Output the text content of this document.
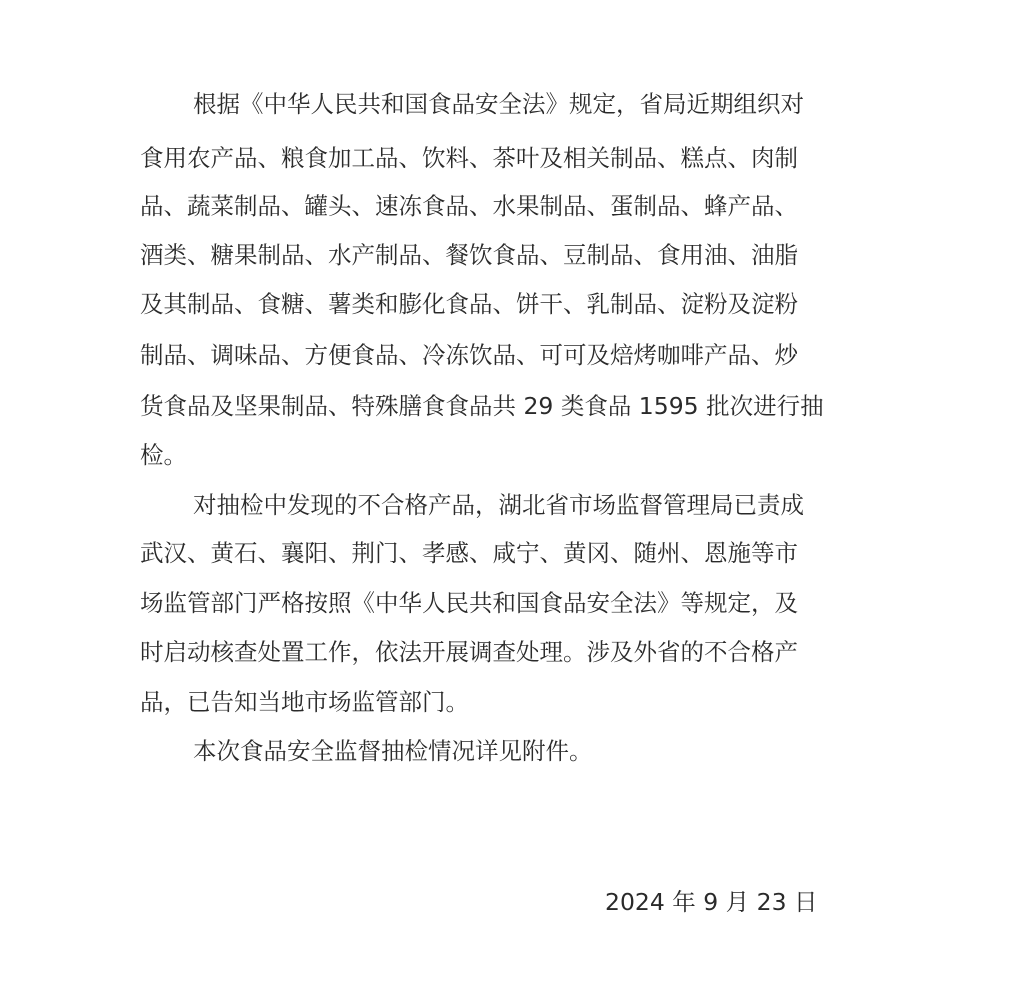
根据《中华人民共和国食品安全法》规定，省局近期组织对
食用农产品、粮食加工品、饮料、茶叶及相关制品、糕点、肉制
品、蔬菜制品、罐头、速冻食品、水果制品、蛋制品、蜂产品、
酒类、糖果制品、水产制品、餐饮食品、豆制品、食用油、油脂
及其制品、食糖、薯类和膨化食品、饼干、乳制品、淀粉及淀粉
制品、调味品、方便食品、冷冻饮品、可可及焙烤咖啡产品、炒
货食品及坚果制品、特殊膳食食品共 29 类食品 1595 批次进行抽
检。
对抽检中发现的不合格产品，湖北省市场监督管理局已责成
武汉、黄石、襄阳、荆门、孝感、咸宁、黄冈、随州、恩施等市
场监管部门严格按照《中华人民共和国食品安全法》等规定，及
时启动核查处置工作，依法开展调查处理。涉及外省的不合格产
品，已告知当地市场监管部门。
本次食品安全监督抽检情况详见附件。
2024 年 9 月 23 日
